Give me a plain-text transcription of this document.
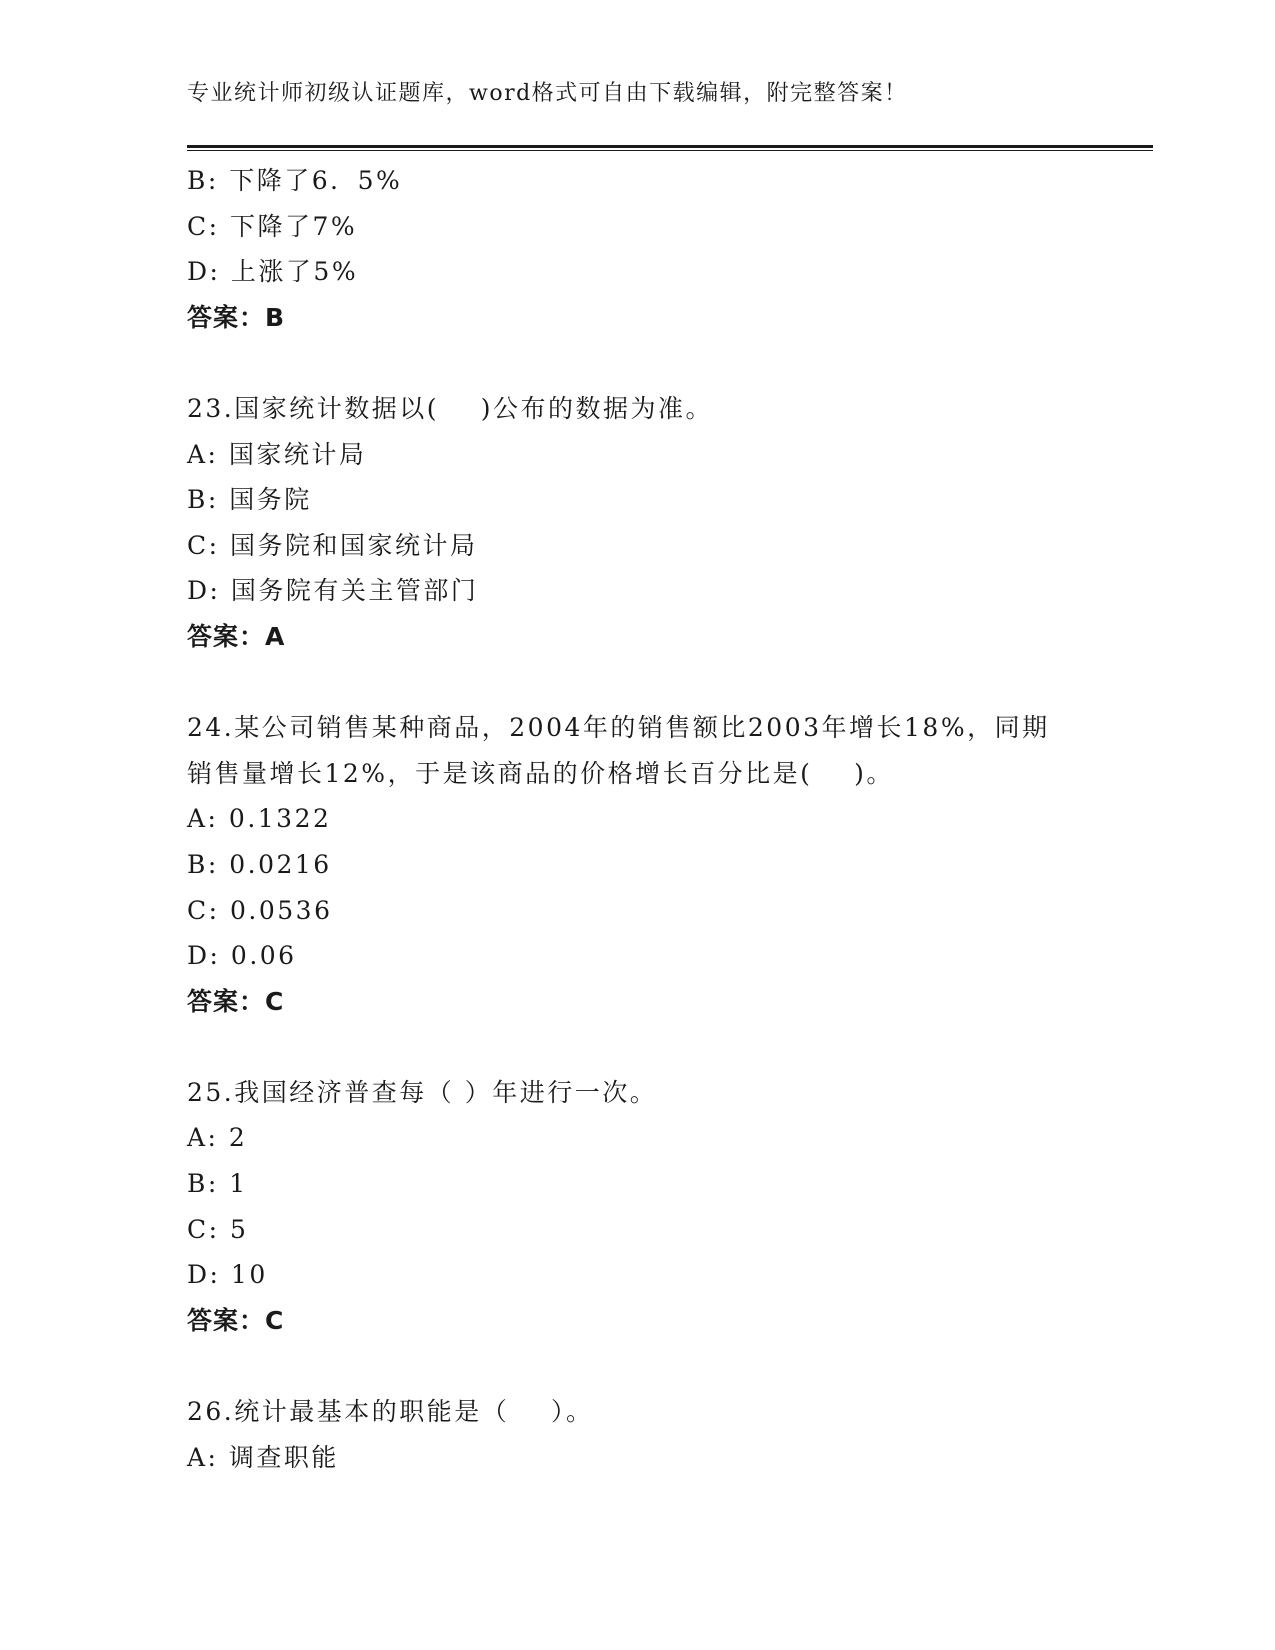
专业统计师初级认证题库，word格式可自由下载编辑，附完整答案！
B: 下降了6．5%
C: 下降了7%
D: 上涨了5%
答案：B
23.国家统计数据以(    )公布的数据为准。
A: 国家统计局
B: 国务院
C: 国务院和国家统计局
D: 国务院有关主管部门
答案：A
24.某公司销售某种商品，2004年的销售额比2003年增长18%，同期
销售量增长12%，于是该商品的价格增长百分比是(    )。
A: 0.1322
B: 0.0216
C: 0.0536
D: 0.06
答案：C
25.我国经济普查每（ ）年进行一次。
A: 2
B: 1
C: 5
D: 10
答案：C
26.统计最基本的职能是（    ）。
A: 调查职能
